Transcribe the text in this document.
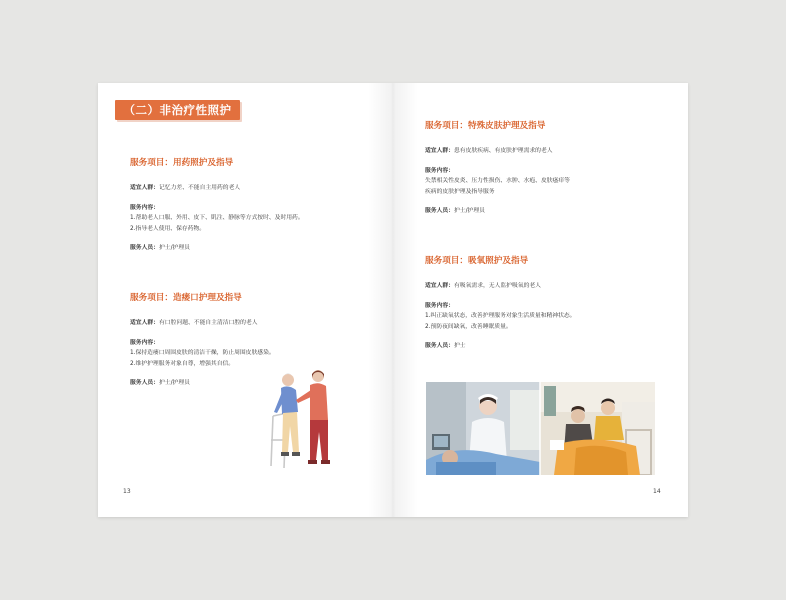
（二）非治疗性照护
服务项目：用药照护及指导
适宜人群：记忆力差、不能自主用药的老人
服务内容：
1.帮助老人口服、外用、皮下、肌注、静脉等方式按时、及时用药。
2.指导老人使用、保存药物。
服务人员：护士/护理员
服务项目：造瘘口护理及指导
适宜人群：有口腔问题、不能自主清洁口腔的老人
服务内容：
1.保持造瘘口周围皮肤的清洁干燥，防止周围皮肤感染。
2.维护护理服务对象自尊，增强其自信。
服务人员：护士/护理员
13
服务项目：特殊皮肤护理及指导
适宜人群：患有皮肤疾病、有皮肤护理需求的老人
服务内容：
失禁相关性皮炎、压力性损伤、水肿、水疱、皮肤瘙痒等
疾病的皮肤护理及指导服务
服务人员：护士/护理员
服务项目：吸氧照护及指导
适宜人群：有吸氧需求，无人监护吸氧的老人
服务内容：
1.纠正缺氧状态，改善护理服务对象生活质量和精神状态。
2.预防夜间缺氧，改善睡眠质量。
服务人员：护士
14
